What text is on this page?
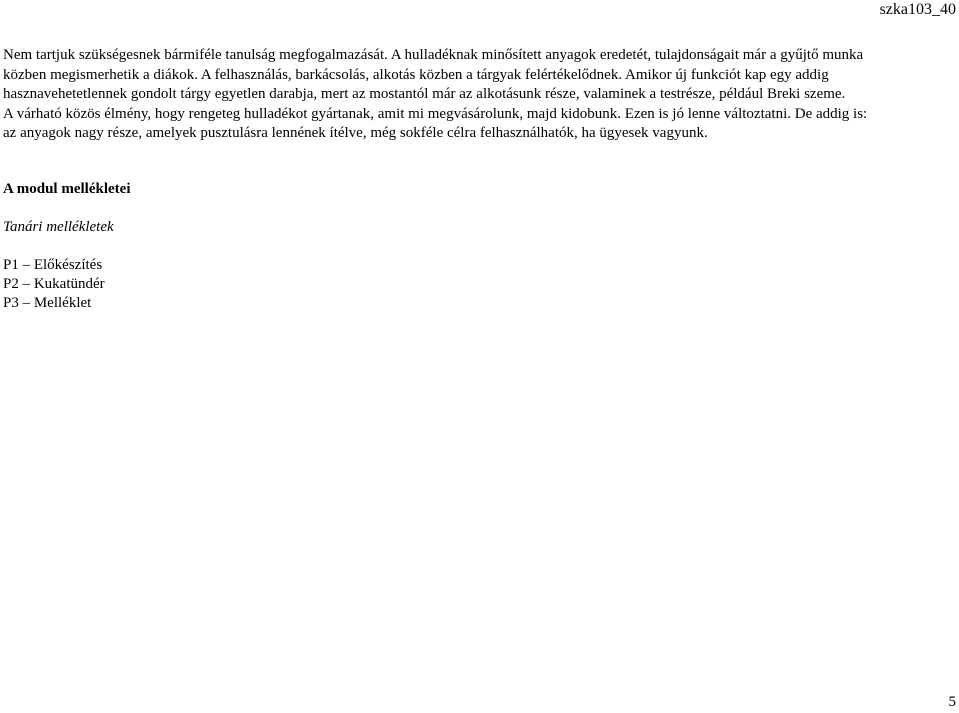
szka103_40

Nem tartjuk szükségesnek bármiféle tanulság megfogalmazását. A hulladéknak minősített anyagok eredetét, tulajdonságait már a gyűjtő munka

közben megismerhetik a diákok. A felhasználás, barkácsolás, alkotás közben a tárgyak felértékelődnek. Amikor új funkciót kap egy addig

hasznavehetetlennek gondolt tárgy egyetlen darabja, mert az mostantól már az alkotásunk része, valaminek a testrésze, például Breki szeme.

A várható közös élmény, hogy rengeteg hulladékot gyártanak, amit mi megvásárolunk, majd kidobunk. Ezen is jó lenne változtatni. De addig is:

az anyagok nagy része, amelyek pusztulásra lennének ítélve, még sokféle célra felhasználhatók, ha ügyesek vagyunk.

A modul mellékletei
Tanári mellékletek
P1 – Előkészítés
P2 – Kukatündér
P3 – Melléklet
5
